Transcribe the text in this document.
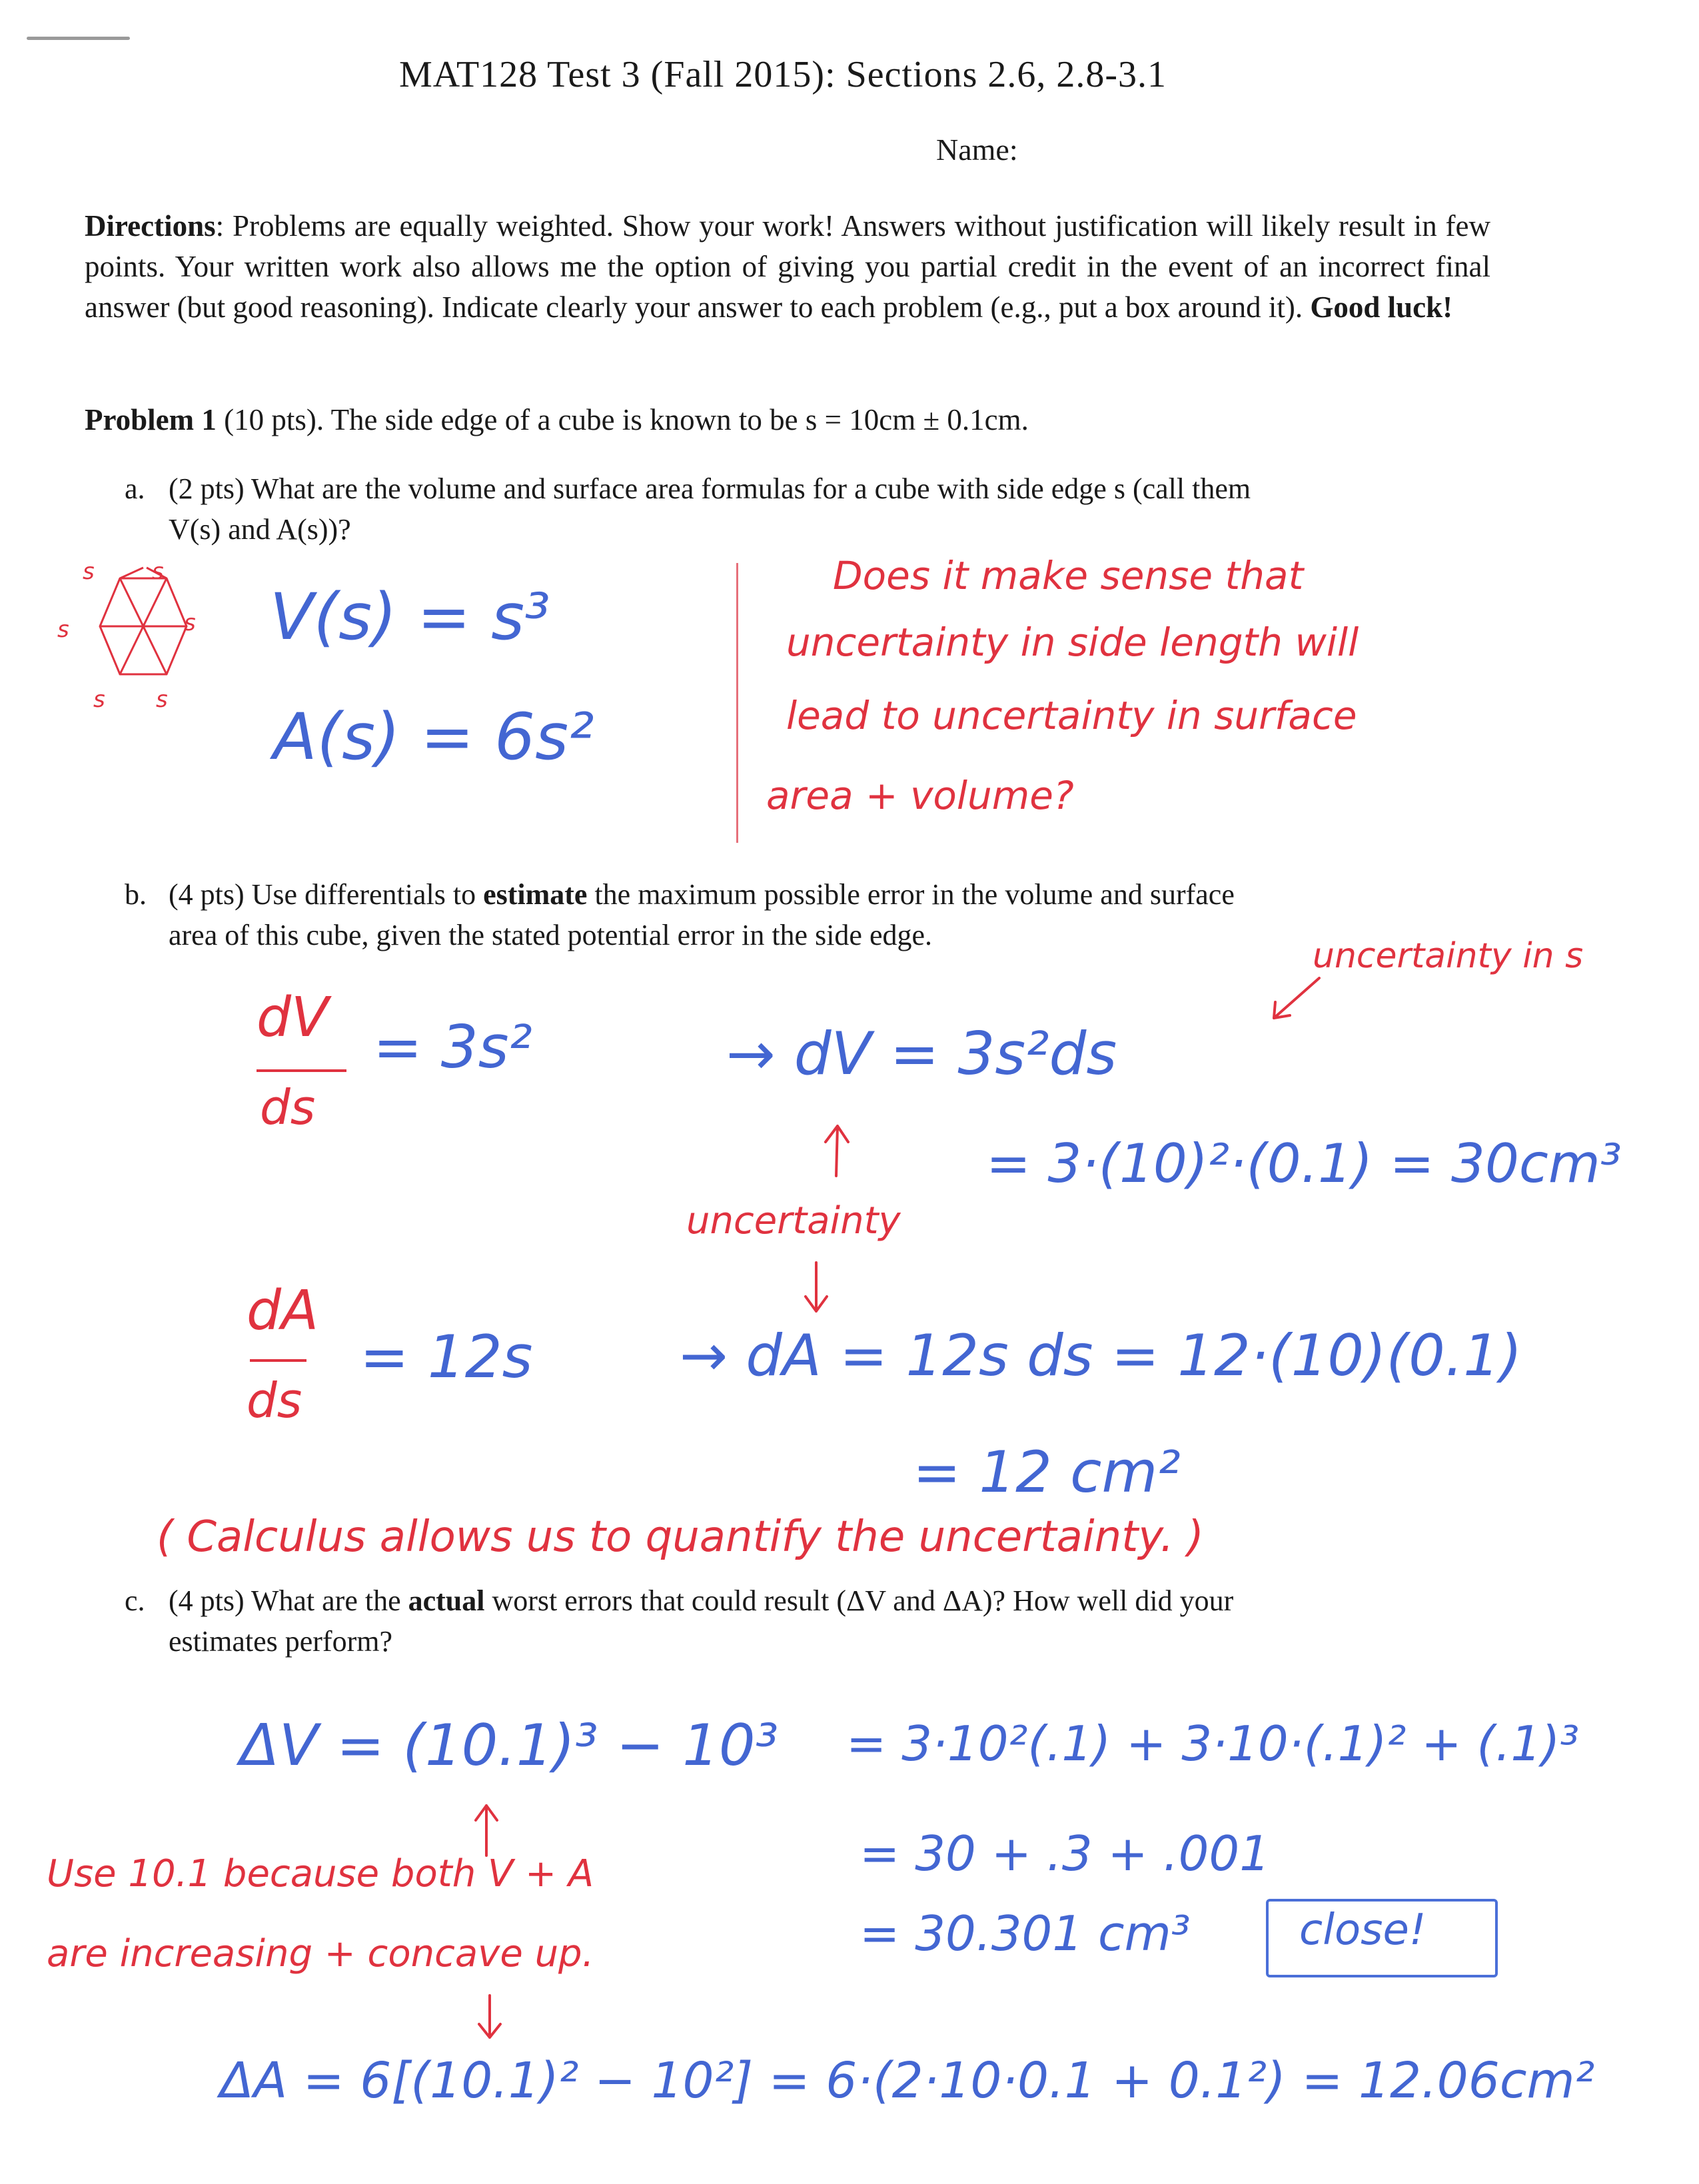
MAT128 Test 3 (Fall 2015): Sections 2.6, 2.8-3.1
Name:
Directions: Problems are equally weighted. Show your work! Answers without justification will likely result in few points. Your written work also allows me the option of giving you partial credit in the event of an incorrect final answer (but good reasoning). Indicate clearly your answer to each problem (e.g., put a box around it). Good luck!
Problem 1 (10 pts). The side edge of a cube is known to be s = 10cm ± 0.1cm.
a. (2 pts) What are the volume and surface area formulas for a cube with side edge s (call them
V(s) and A(s))?
b. (4 pts) Use differentials to estimate the maximum possible error in the volume and surface
area of this cube, given the stated potential error in the side edge.
c. (4 pts) What are the actual worst errors that could result (ΔV and ΔA)? How well did your
estimates perform?
s	s
s	s
s s
V(s) = s³
A(s) = 6s²
Does it make sense that
uncertainty in side length will
lead to uncertainty in surface
area + volume?
uncertainty in s
dV
ds
= 3s²	→ dV = 3s²ds
= 3·(10)²·(0.1) = 30cm³
uncertainty
dA
ds
= 12s	→ dA = 12s ds = 12·(10)(0.1)
= 12 cm²
( Calculus allows us to quantify the uncertainty. )
ΔV = (10.1)³ − 10³ = 3·10²(.1) + 3·10·(.1)² + (.1)³
= 30 + .3 + .001
= 30.301 cm³	close!
Use 10.1 because both V + A
are increasing + concave up.
ΔA = 6[(10.1)² − 10²] = 6·(2·10·0.1 + 0.1²) = 12.06cm²
